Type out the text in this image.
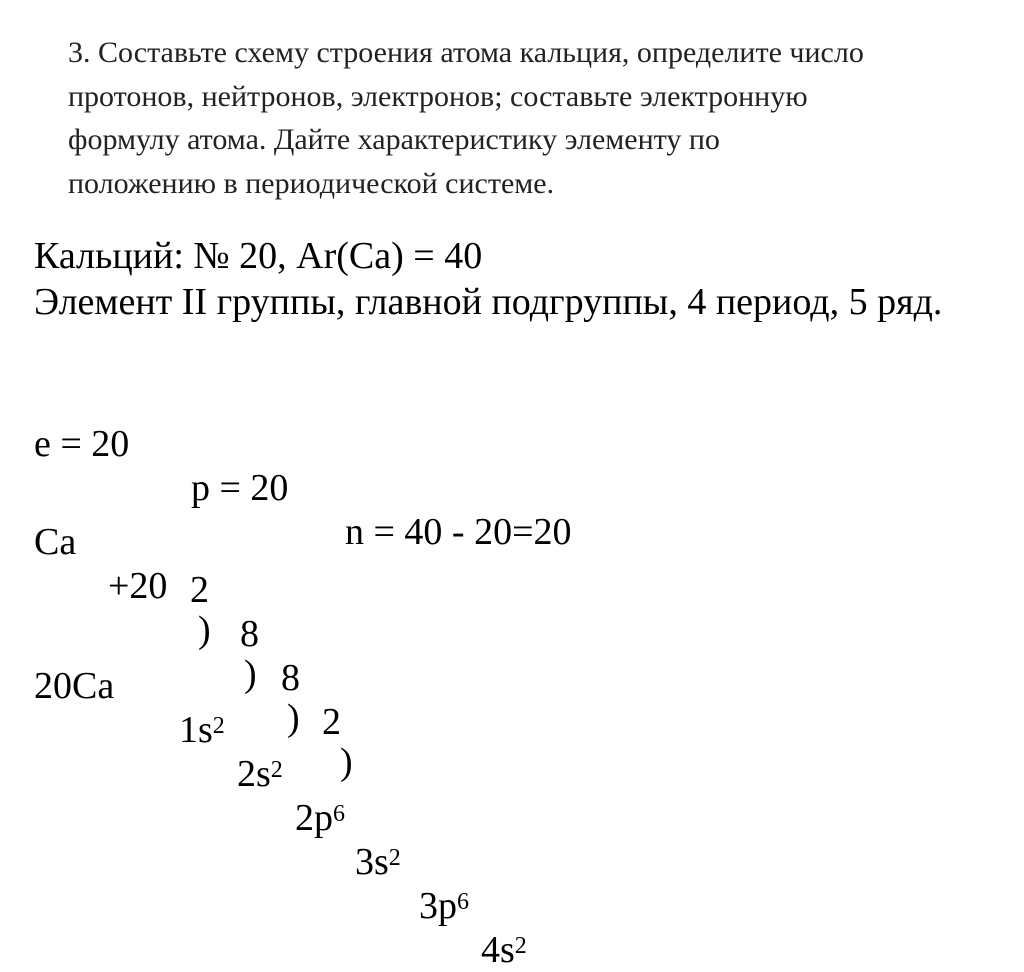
3. Составьте схему строения атома кальция, определите число

протонов, нейтронов, электронов; составьте электронную

формулу атома. Дайте характеристику элементу по

положению в периодической системе.

Кальций: № 20, Ar(Ca) = 40
Элемент II группы, главной подгруппы, 4 период, 5 ряд.

e = 20

p = 20

n = 40 - 20=20

Ca

+20

)

)

)

)

2

8

8

2

20Ca

$1s^2$

$2s^2$

$2p^6$

$3s^2$

$3p^6$

$4s^2$
